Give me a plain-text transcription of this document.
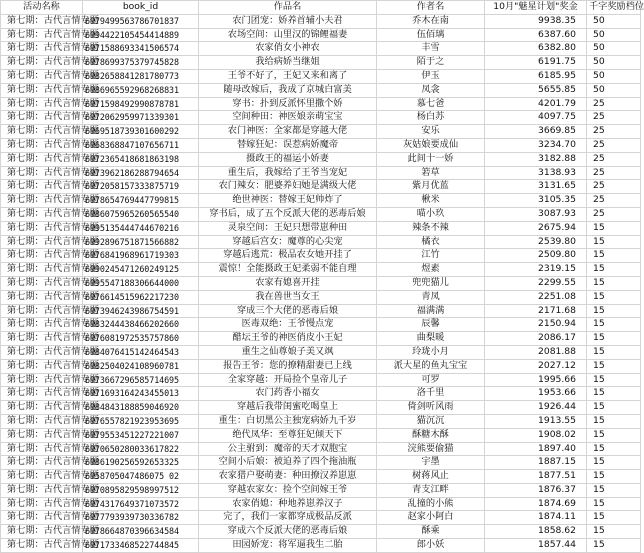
活动名称	book_id	作品名	作者名	10月"魅星计划"奖金	千字奖励档位
第七期：古代言情专题	6979499563786701837	农门团宠：娇养首辅小夫君	乔木在南	9938.35	50
第七期：古代言情专题	6994422105454414889	农场空间：山里汉的锦鲤福妻	伍佰璃	6387.60	50
第七期：古代言情专题	6971588693341506574	农家俏女小神农	丰雪	6382.80	50
第七期：古代言情专题	6978699375379745828	我给病娇当继姐	陌于之	6191.75	50
第七期：古代言情专题	6982658841281780773	王爷不好了，王妃又来和离了	伊玉	6185.95	50
第七期：古代言情专题	6986965592968268831	随母改嫁后，我成了京城白富美	凤衾	5655.85	50
第七期：古代言情专题	6971598492990878781	穿书：扑到反派怀里撒个娇	慕七爸	4201.79	25
第七期：古代言情专题	6972062959971339301	空间种田：神医娘亲萌宝宝	杨白苏	4097.75	25
第七期：古代言情专题	6969518739301600292	农门神医：全家都是穿越大佬	安乐	3669.85	25
第七期：古代言情专题	6968368847107656711	替嫁狂妃：误惹病娇魔帝	灰姑娘要成仙	3234.70	25
第七期：古代言情专题	6972365418681863198	摄政王的福运小娇妻	此间十一娇	3182.88	25
第七期：古代言情专题	6973962186288794654	重生后，我嫁给了王爷当宠妃	箬草	3138.93	25
第七期：古代言情专题	6972058157333875719	农门辣女：肥婆养妇她是满级大佬	紫月优蓝	3131.65	25
第七期：古代言情专题	6978654769447799815	绝世神医：替嫁王妃帅炸了	楸米	3105.35	25
第七期：古代言情专题	6986075965260565540	穿书后，成了五个反派大佬的恶毒后娘	喵小玖	3087.93	25
第七期：古代言情专题	6995135444744670216	灵泉空间：王妃只想带崽种田	辣条不辣	2675.94	15
第七期：古代言情专题	6992896751871566882	穿越后宫女：魔尊的心尖宠	橘衣	2539.80	15
第七期：古代言情专题	6976841968961719303	穿越后逃荒：极品农女她开挂了	江竹	2509.80	15
第七期：古代言情专题	6990245471260249125	震惊！全能摄政王妃柔弱不能自理	煜素	2319.15	15
第七期：古代言情专题	6995547188306644000	农家有媳喜开挂	兜兜猫儿	2299.55	15
第七期：古代言情专题	6976614515962217230	我在兽世当女王	青凤	2251.08	15
第七期：古代言情专题	6973946243986754591	穿成三个大佬的恶毒后娘	福满满	2171.68	15
第七期：古代言情专题	6983244438466202660	医毒双绝：王爷慢点宠	辰馨	2150.94	15
第七期：古代言情专题	6976081972535757860	醋坛王爷的神医俏皮小王妃	曲梨暖	2086.17	15
第七期：古代言情专题	6984076415142464543	重生之仙尊娘子美又飒	玲珑小月	2081.88	15
第七期：古代言情专题	6982504024108960781	报告王爷：您的撩精甜妻已上线	派大星的鱼丸宝宝	2027.12	15
第七期：古代言情专题	6973667296585714695	全家穿越：开局捡个皇帝儿子	可罗	1995.66	15
第七期：古代言情专题	6971693164243455013	农门药香小福女	洛千里	1953.66	15
第七期：古代言情专题	6984843188859046920	穿越后我带闺蜜吃喝皇上	倚剑听风雨	1926.44	15
第七期：古代言情专题	6976557821923953695	重生：白切黑公主独宠病娇九千岁	猫沉沉	1913.55	15
第七期：古代言情专题	6979553451227221007	绝代凤华：至尊狂妃倾天下	酥糖木酥	1908.02	15
第七期：古代言情专题	6970650280033617822	公主驸到：魔帝的天才双胞宝	浣熊要偷猫	1897.40	15
第七期：古代言情专题	6986190256592653325	空间小后娘：被迫养了四个拖油瓶	宇墨	1887.15	15
第七期：古代言情专题	6958705047486075 02	农家猎户娶萌妻：种田撩汉养崽崽	树蒋风止	1877.51	15
第七期：古代言情专题	6970895829598997512	穿越农家女：捡个空间嫁王爷	青支江畔	1876.37	15
第七期：古代言情专题	6974317649371073572	农家俏媳：种地养崽养汉子	乱撞的小熊	1874.69	15
第七期：古代言情专题	6977793939730336782	完了，我们一家都穿成极品反派	赵家小阿白	1874.11	15
第七期：古代言情专题	6978664870396634584	穿成六个反派大佬的恶毒后娘	酥乘	1858.62	15
第七期：古代言情专题	6971733468522744845	田园娇宠：将军逼我生二胎	郎小妖	1857.44	15
